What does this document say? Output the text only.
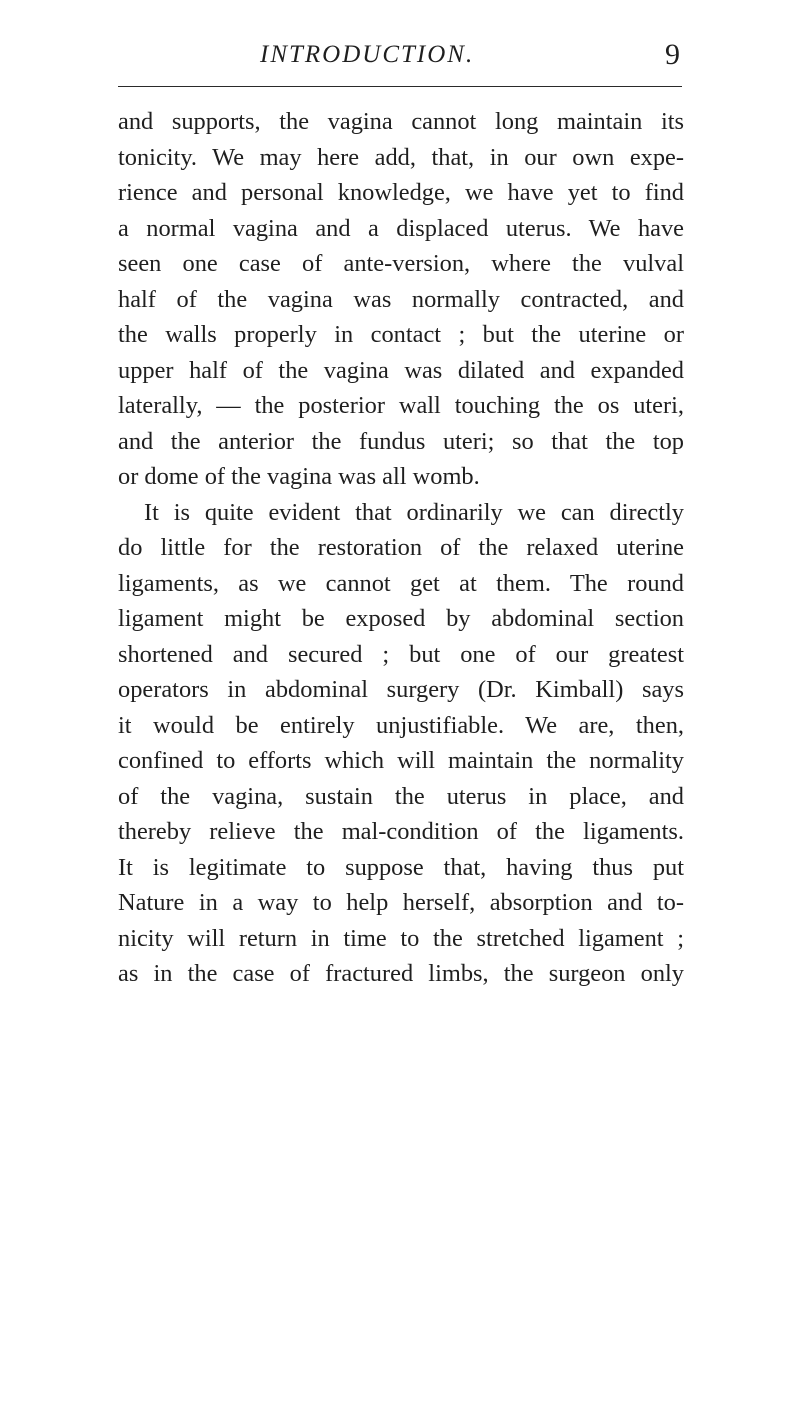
INTRODUCTION.	9
and supports, the vagina cannot long maintain its
tonicity. We may here add, that, in our own expe-
rience and personal knowledge, we have yet to find
a normal vagina and a displaced uterus. We have
seen one case of ante-version, where the vulval
half of the vagina was normally contracted, and
the walls properly in contact ; but the uterine or
upper half of the vagina was dilated and expanded
laterally, — the posterior wall touching the os uteri,
and the anterior the fundus uteri; so that the top
or dome of the vagina was all womb.
It is quite evident that ordinarily we can directly
do little for the restoration of the relaxed uterine
ligaments, as we cannot get at them. The round
ligament might be exposed by abdominal section
shortened and secured ; but one of our greatest
operators in abdominal surgery (Dr. Kimball) says
it would be entirely unjustifiable. We are, then,
confined to efforts which will maintain the normality
of the vagina, sustain the uterus in place, and
thereby relieve the mal-condition of the ligaments.
It is legitimate to suppose that, having thus put
Nature in a way to help herself, absorption and to-
nicity will return in time to the stretched ligament ;
as in the case of fractured limbs, the surgeon only
